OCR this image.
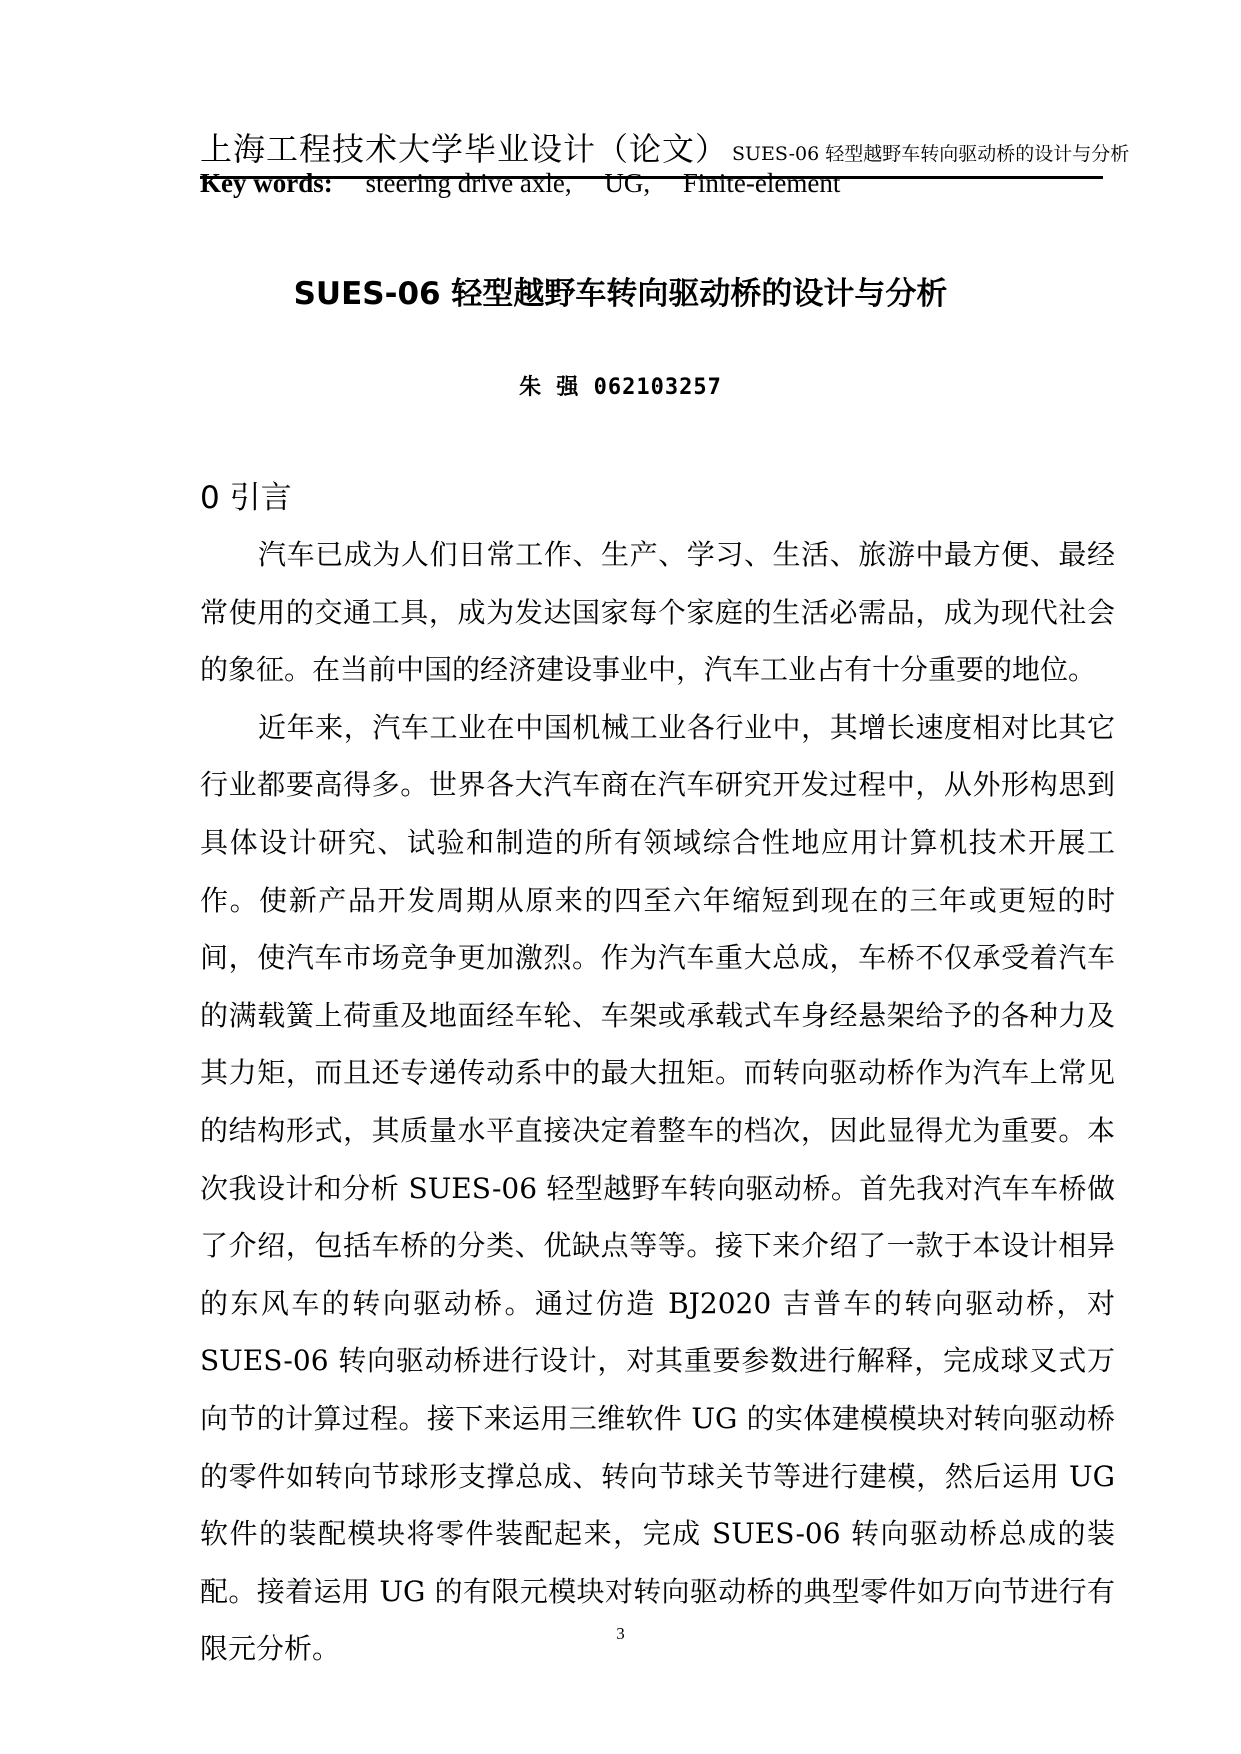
上海工程技术大学毕业设计（论文） SUES-06 轻型越野车转向驱动桥的设计与分析
Key words: steering drive axle, UG, Finite-element
SUES-06 轻型越野车转向驱动桥的设计与分析
朱 强 062103257
0 引言

汽车已成为人们日常工作、生产、学习、生活、旅游中最方便、最经常使用的交通工具，成为发达国家每个家庭的生活必需品，成为现代社会的象征。在当前中国的经济建设事业中，汽车工业占有十分重要的地位。

近年来，汽车工业在中国机械工业各行业中，其增长速度相对比其它行业都要高得多。世界各大汽车商在汽车研究开发过程中，从外形构思到具体设计研究、试验和制造的所有领域综合性地应用计算机技术开展工作。使新产品开发周期从原来的四至六年缩短到现在的三年或更短的时间，使汽车市场竞争更加激烈。作为汽车重大总成，车桥不仅承受着汽车的满载簧上荷重及地面经车轮、车架或承载式车身经悬架给予的各种力及其力矩，而且还专递传动系中的最大扭矩。而转向驱动桥作为汽车上常见的结构形式，其质量水平直接决定着整车的档次，因此显得尤为重要。本次我设计和分析 SUES-06 轻型越野车转向驱动桥。首先我对汽车车桥做了介绍，包括车桥的分类、优缺点等等。接下来介绍了一款于本设计相异的东风车的转向驱动桥。通过仿造 BJ2020 吉普车的转向驱动桥，对 SUES-06 转向驱动桥进行设计，对其重要参数进行解释，完成球叉式万向节的计算过程。接下来运用三维软件 UG 的实体建模模块对转向驱动桥的零件如转向节球形支撑总成、转向节球关节等进行建模，然后运用 UG 软件的装配模块将零件装配起来，完成 SUES-06 转向驱动桥总成的装配。接着运用 UG 的有限元模块对转向驱动桥的典型零件如万向节进行有限元分析。	3
